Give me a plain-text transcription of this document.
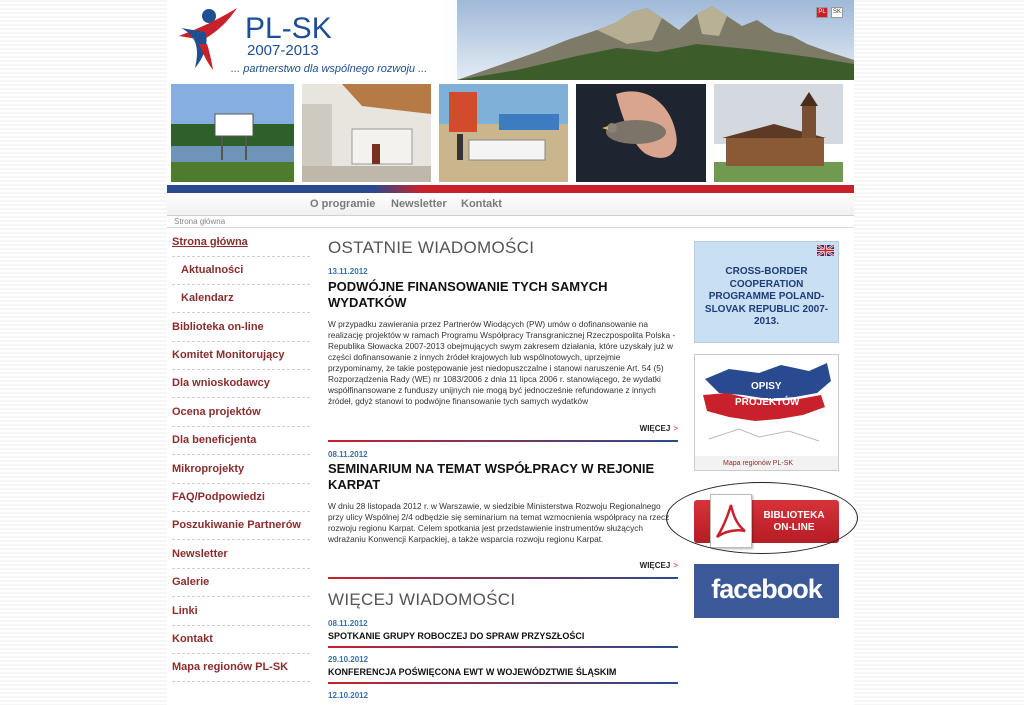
PL-SK
2007-2013
... partnerstwo dla wspólnego rozwoju ...
PL	SK
O programie Newsletter Kontakt
Strona główna
Strona główna
Aktualności
Kalendarz
Biblioteka on-line
Komitet Monitorujący
Dla wnioskodawcy
Ocena projektów
Dla beneficjenta
Mikroprojekty
FAQ/Podpowiedzi
Poszukiwanie Partnerów
Newsletter
Galerie
Linki
Kontakt
Mapa regionów PL-SK
OSTATNIE WIADOMOŚCI
13.11.2012
PODWÓJNE FINANSOWANIE TYCH SAMYCH WYDATKÓW
W przypadku zawierania przez Partnerów Wiodących (PW) umów o dofinansowanie na realizację projektów w ramach Programu Współpracy Transgranicznej Rzeczpospolita Polska - Republika Słowacka 2007-2013 obejmujących swym zakresem działania, które uzyskały już w części dofinansowanie z innych źródeł krajowych lub wspólnotowych, uprzejmie przypominamy, że takie postępowanie jest niedopuszczalne i stanowi naruszenie Art. 54 (5) Rozporządzenia Rady (WE) nr 1083/2006 z dnia 11 lipca 2006 r. stanowiącego, że wydatki współfinansowane z funduszy unijnych nie mogą być jednocześnie refundowane z innych źródeł, gdyż stanowi to podwójne finansowanie tych samych wydatków
WIĘCEJ >
08.11.2012
SEMINARIUM NA TEMAT WSPÓŁPRACY W REJONIE KARPAT
W dniu 28 listopada 2012 r. w Warszawie, w siedzibie Ministerstwa Rozwoju Regionalnego przy ulicy Wspólnej 2/4 odbędzie się seminarium na temat wzmocnienia współpracy na rzecz rozwoju regionu Karpat. Celem spotkania jest przedstawienie instrumentów służących wdrażaniu Konwencji Karpackiej, a także wsparcia rozwoju regionu Karpat.
WIĘCEJ >
WIĘCEJ WIADOMOŚCI
08.11.2012
SPOTKANIE GRUPY ROBOCZEJ DO SPRAW PRZYSZŁOŚCI
29.10.2012
KONFERENCJA POŚWIĘCONA EWT W WOJEWÓDZTWIE ŚLĄSKIM
12.10.2012
CROSS-BORDER COOPERATION PROGRAMME POLAND-SLOVAK REPUBLIC 2007-2013.
OPISY
PROJEKTÓW
Mapa regionów PL-SK
BIBLIOTEKA
ON-LINE
facebook
